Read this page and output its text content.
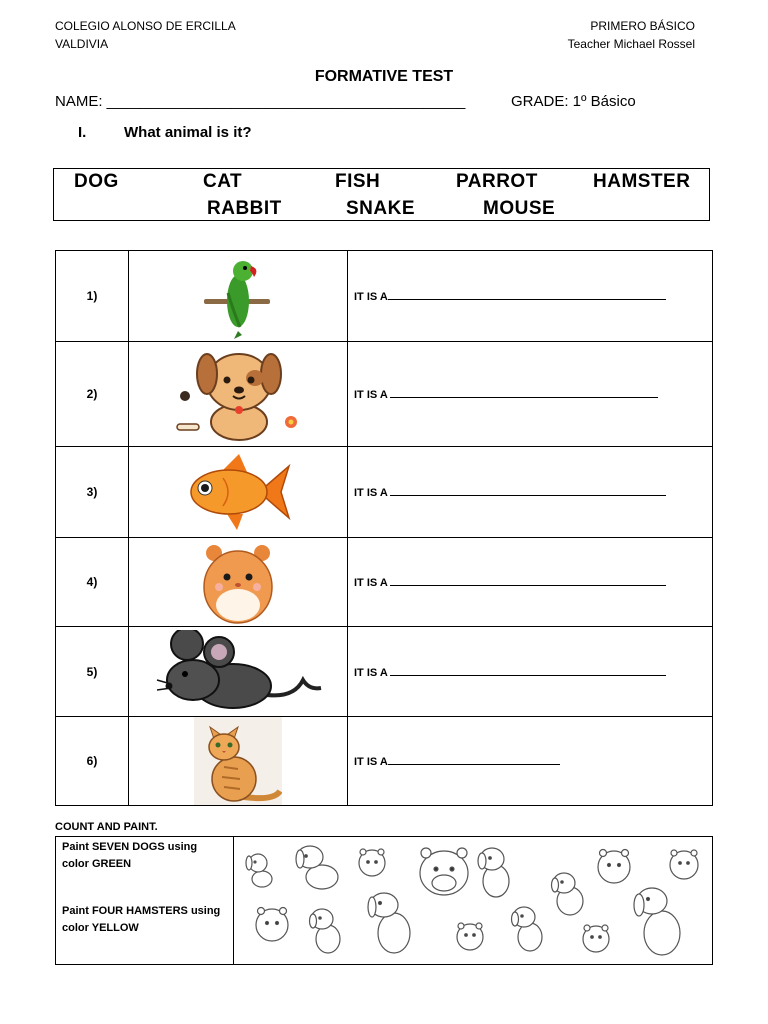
COLEGIO ALONSO DE ERCILLA
VALDIVIA
PRIMERO BÁSICO
Teacher Michael Rossel
FORMATIVE TEST
NAME: ___________________________________________	GRADE: 1º Básico
I.	What animal is it?
DOG	CAT	FISH	PARROT	HAMSTER
RABBIT	SNAKE	MOUSE
1)		IT IS A
2)		IT IS A
3)		IT IS A
4)		IT IS A
5)		IT IS A
6)		IT IS A
COUNT AND PAINT.
Paint SEVEN DOGS using color GREEN
Paint FOUR HAMSTERS using color YELLOW
